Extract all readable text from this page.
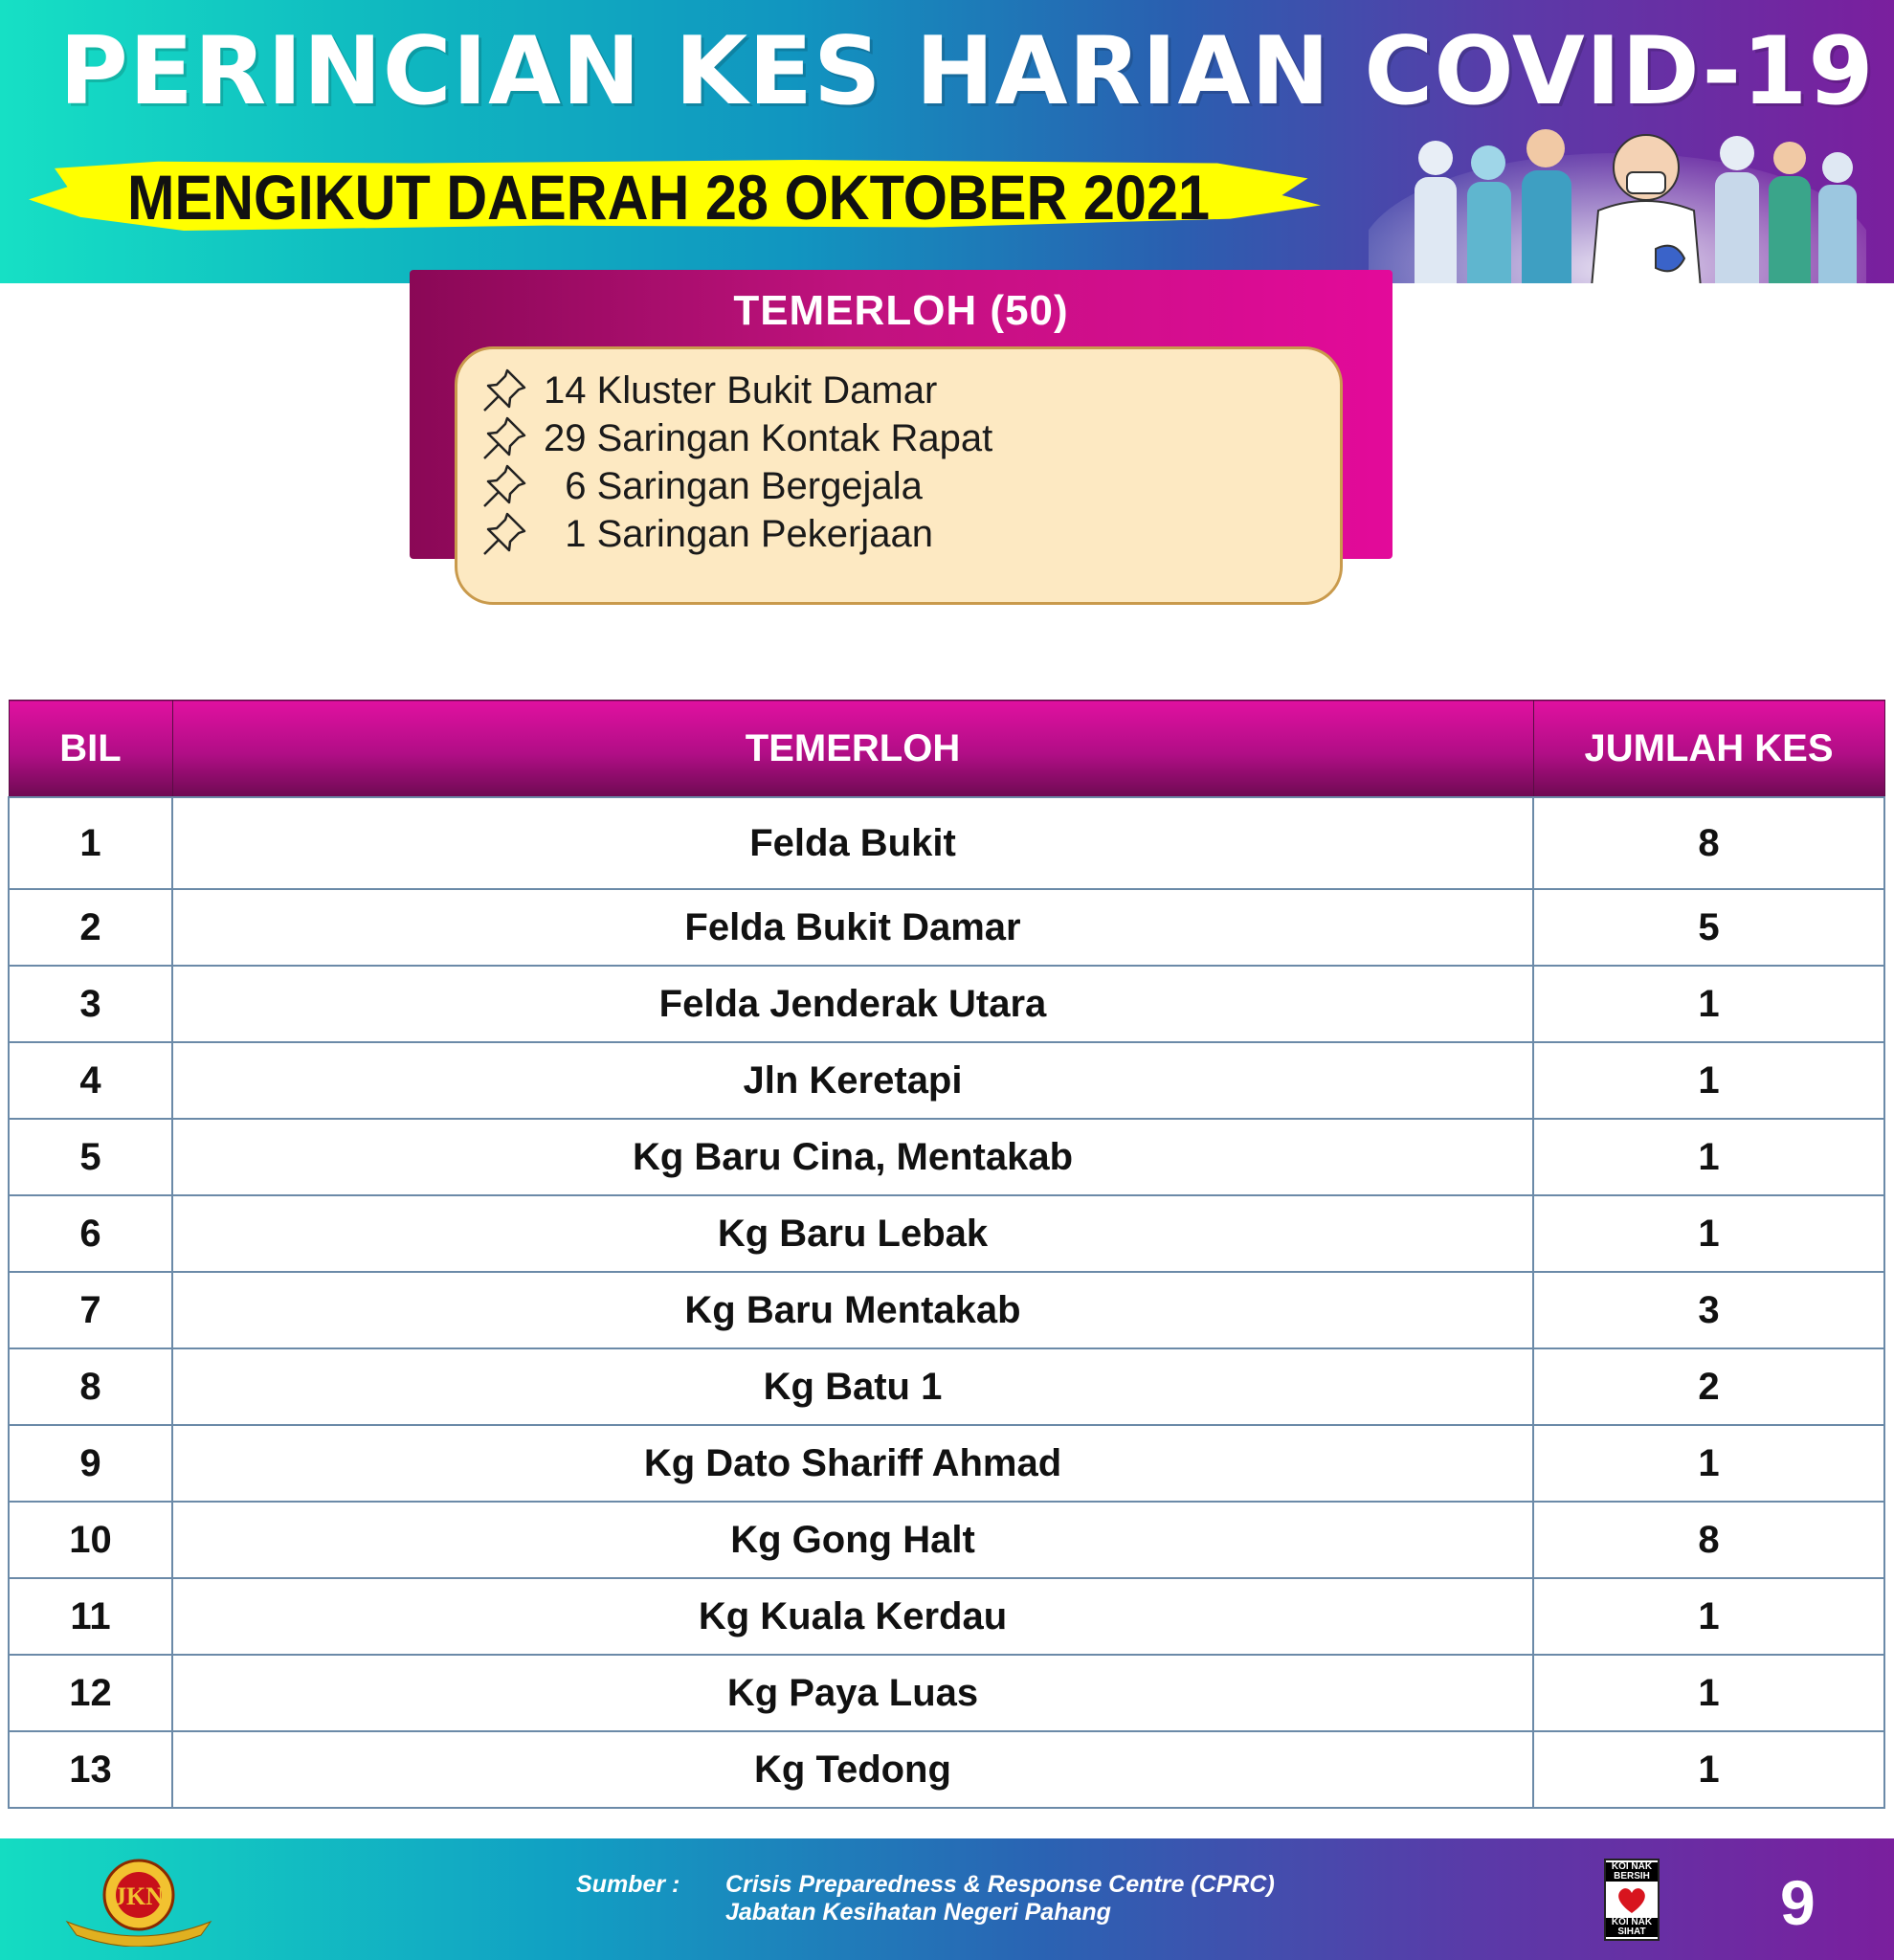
PERINCIAN KES HARIAN COVID-19
MENGIKUT DAERAH 28 OKTOBER 2021
TEMERLOH (50)
14 Kluster Bukit Damar
29 Saringan Kontak Rapat
6 Saringan Bergejala
1 Saringan Pekerjaan
BIL	TEMERLOH	JUMLAH KES
1	Felda Bukit	8
2	Felda Bukit Damar	5
3	Felda Jenderak Utara	1
4	Jln Keretapi	1
5	Kg Baru Cina, Mentakab	1
6	Kg Baru Lebak	1
7	Kg Baru Mentakab	3
8	Kg Batu 1	2
9	Kg Dato Shariff Ahmad	1
10	Kg Gong Halt	8
11	Kg Kuala Kerdau	1
12	Kg Paya Luas	1
13	Kg Tedong	1
JKN	Sumber : Crisis Preparedness & Response Centre (CPRC)
Jabatan Kesihatan Negeri Pahang
KOI NAK BERSIH
KOI NAK SIHAT 9
